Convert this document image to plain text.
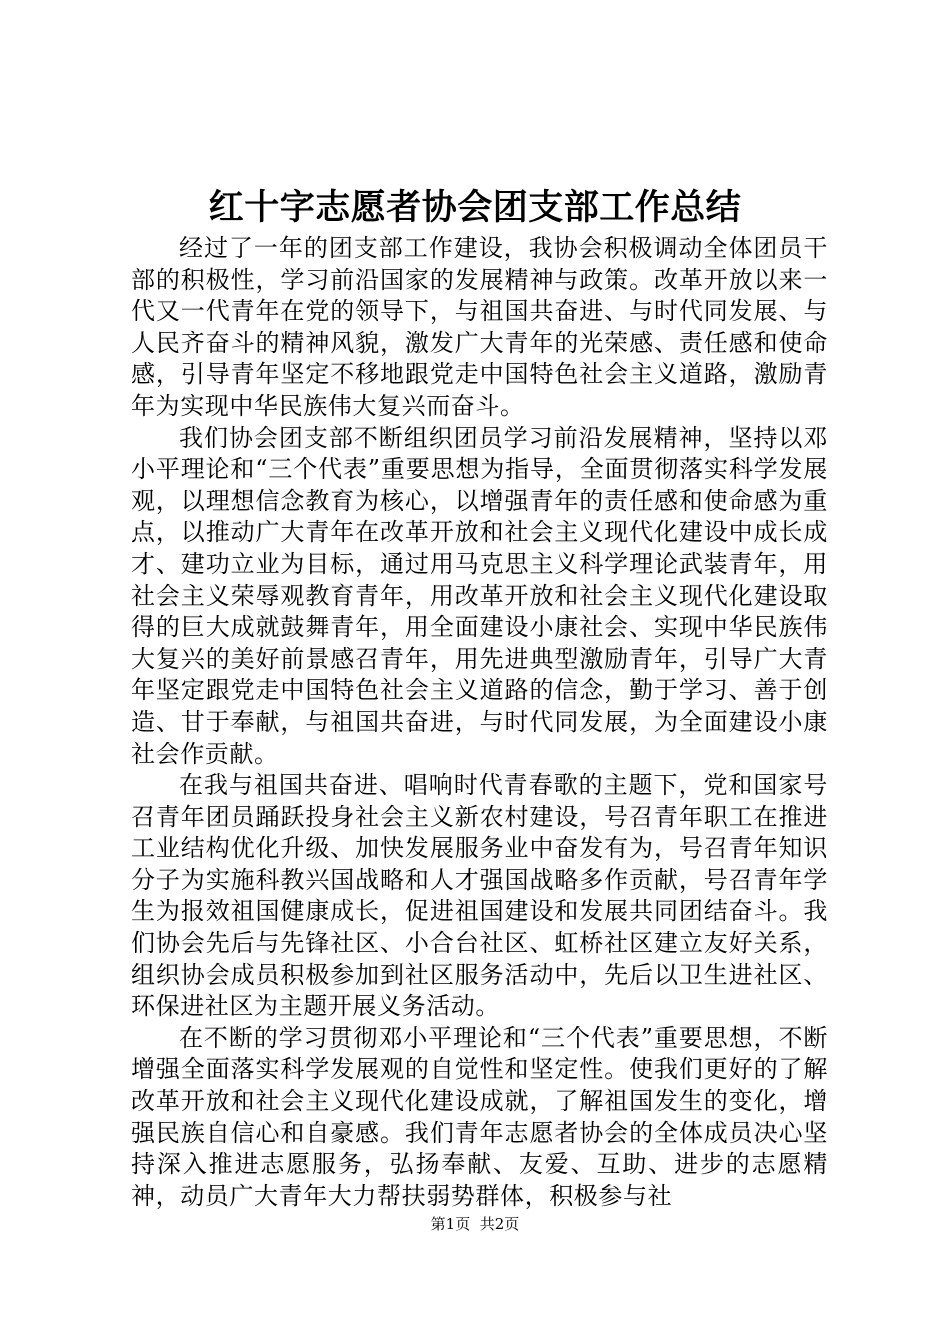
红十字志愿者协会团支部工作总结

经过了一年的团支部工作建设，我协会积极调动全体团员干部的积极性，学习前沿国家的发展精神与政策。改革开放以来一代又一代青年在党的领导下，与祖国共奋进、与时代同发展、与人民齐奋斗的精神风貌，激发广大青年的光荣感、责任感和使命感，引导青年坚定不移地跟党走中国特色社会主义道路，激励青年为实现中华民族伟大复兴而奋斗。

我们协会团支部不断组织团员学习前沿发展精神，坚持以邓小平理论和“三个代表”重要思想为指导，全面贯彻落实科学发展观，以理想信念教育为核心，以增强青年的责任感和使命感为重点，以推动广大青年在改革开放和社会主义现代化建设中成长成才、建功立业为目标，通过用马克思主义科学理论武装青年，用社会主义荣辱观教育青年，用改革开放和社会主义现代化建设取得的巨大成就鼓舞青年，用全面建设小康社会、实现中华民族伟大复兴的美好前景感召青年，用先进典型激励青年，引导广大青年坚定跟党走中国特色社会主义道路的信念，勤于学习、善于创造、甘于奉献，与祖国共奋进，与时代同发展，为全面建设小康社会作贡献。

在我与祖国共奋进、唱响时代青春歌的主题下，党和国家号召青年团员踊跃投身社会主义新农村建设，号召青年职工在推进工业结构优化升级、加快发展服务业中奋发有为，号召青年知识分子为实施科教兴国战略和人才强国战略多作贡献，号召青年学生为报效祖国健康成长，促进祖国建设和发展共同团结奋斗。我们协会先后与先锋社区、小合台社区、虹桥社区建立友好关系，组织协会成员积极参加到社区服务活动中，先后以卫生进社区、环保进社区为主题开展义务活动。

在不断的学习贯彻邓小平理论和“三个代表”重要思想，不断增强全面落实科学发展观的自觉性和坚定性。使我们更好的了解改革开放和社会主义现代化建设成就，了解祖国发生的变化，增强民族自信心和自豪感。我们青年志愿者协会的全体成员决心坚持深入推进志愿服务，弘扬奉献、友爱、互助、进步的志愿精神，动员广大青年大力帮扶弱势群体，积极参与社

第1页 共2页
